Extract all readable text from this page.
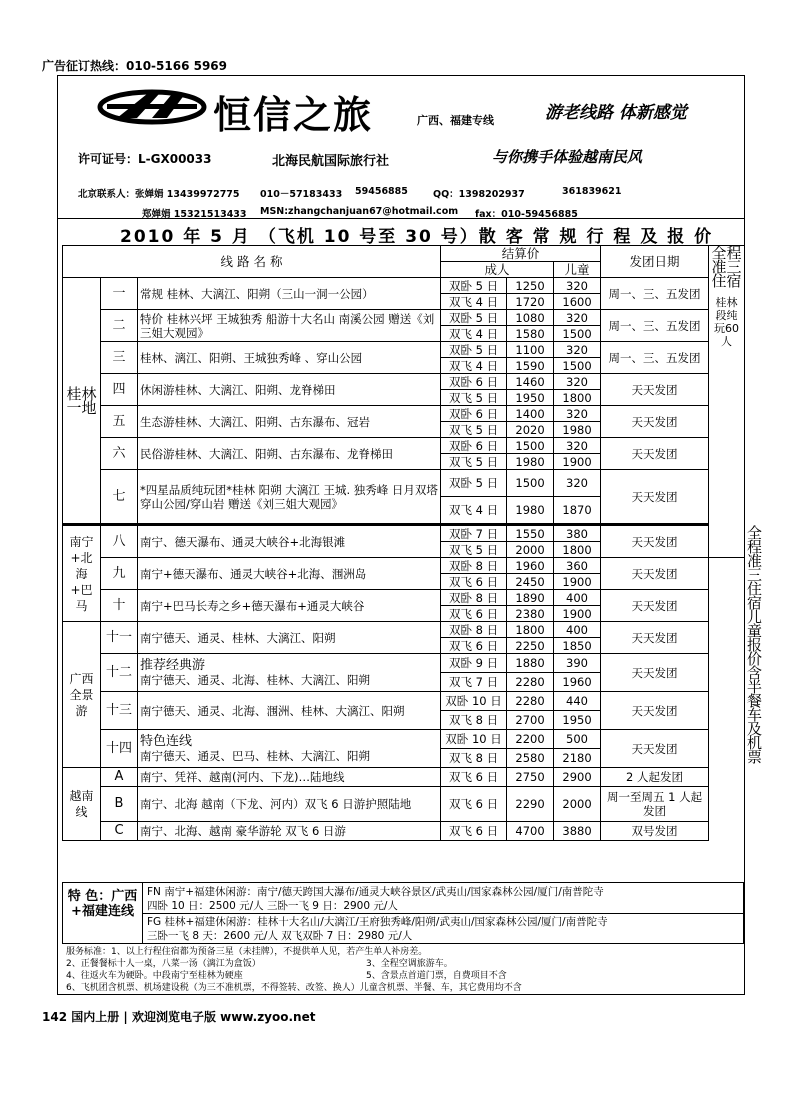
广告征订热线：010-5166 5969
恒信之旅	广西、福建专线	游老线路 体新感觉
许可证号：L-GX00033	北海民航国际旅行社	与你携手体验越南民风
北京联系人：张婵娟 13439972775 010－57183433 59456885	QQ：1398202937	361839621
郑婵娟 15321513433 MSN:zhangchanjuan67@hotmail.com fax：010-59456885
2010 年 5 月 （飞机 10 号至 30 号）散 客 常 规 行 程 及 报 价
线 路 名 称			结算价			发团日期	全程准三住宿
桂林段纯玩60人	

			成人		儿童			
桂林一地	一	常规 桂林、大漓江、阳朔（三山一洞一公园）	双卧 5 日	1250	320	周一、三、五发团		
			双飞 4 日	1720	1600			
	二	特价 桂林兴坪 王城独秀 船游十大名山 南溪公园 赠送《刘三姐大观园》	双卧 5 日	1080	320	周一、三、五发团		
			双飞 4 日	1580	1500			
	三	桂林、漓江、阳朔、王城独秀峰 、穿山公园	双卧 5 日	1100	320	周一、三、五发团		
			双飞 4 日	1590	1500			
	四	休闲游桂林、大漓江、阳朔、龙脊梯田	双卧 6 日	1460	320	天天发团		
			双飞 5 日	1950	1800			
	五	生态游桂林、大漓江、阳朔、古东瀑布、冠岩	双卧 6 日	1400	320	天天发团		
			双飞 5 日	2020	1980			
	六	民俗游桂林、大漓江、阳朔、古东瀑布、龙脊梯田	双卧 6 日	1500	320	天天发团		
			双飞 5 日	1980	1900			
	七	*四星品质纯玩团*桂林 阳朔 大漓江 王城. 独秀峰 日月双塔 穿山公园/穿山岩 赠送《刘三姐大观园》	双卧 5 日	1500	320	天天发团		
			双飞 4 日	1980	1870			
南宁+北海+巴马	八	南宁、德天瀑布、通灵大峡谷+北海银滩	双卧 7 日	1550	380	天天发团		全程准三住宿儿童报价含半餐车及机票
			双飞 5 日	2000	1800			
	九	南宁+德天瀑布、通灵大峡谷+北海、涠洲岛	双卧 8 日	1960	360	天天发团		
			双飞 6 日	2450	1900			
	十	南宁+巴马长寿之乡+德天瀑布+通灵大峡谷	双卧 8 日	1890	400	天天发团		
			双飞 6 日	2380	1900			
广西全景游	十一	南宁德天、通灵、桂林、大漓江、阳朔	双卧 8 日	1800	400	天天发团		
			双飞 6 日	2250	1850			
	十二	推荐经典游
南宁德天、通灵、北海、桂林、大漓江、阳朔	双卧 9 日	1880	390	天天发团		
			双飞 7 日	2280	1960			
	十三	南宁德天、通灵、北海、涠洲、桂林、大漓江、阳朔	双卧 10 日	2280	440	天天发团		
			双飞 8 日	2700	1950			
	十四	特色连线
南宁德天、通灵、巴马、桂林、大漓江、阳朔	双卧 10 日	2200	500	天天发团		
			双飞 8 日	2580	2180			
越南线	A	南宁、凭祥、越南(河内、下龙)…陆地线	双飞 6 日	2750	2900	2 人起发团		
	B	南宁、北海 越南（下龙、河内）双飞 6 日游护照陆地	双飞 6 日	2290	2000	周一至周五 1 人起发团		
	C	南宁、北海、越南 豪华游轮 双飞 6 日游	双飞 6 日	4700	3880	双号发团		
特 色：广西+福建连线
FN 南宁+福建休闲游：南宁/德天跨国大瀑布/通灵大峡谷景区/武夷山/国家森林公园/厦门/南普陀寺
四卧 10 日：2500 元/人 三卧一飞 9 日：2900 元/人
FG 桂林+福建休闲游：桂林十大名山/大漓江/王府独秀峰/阳朔/武夷山/国家森林公园/厦门/南普陀寺
三卧一飞 8 天：2600 元/人 双飞双卧 7 日：2980 元/人
服务标准：1、以上行程住宿都为预备三星（未挂牌），不提供单人见，若产生单人补房差。
2、正餐餐标十人一桌，八菜一汤（漓江为盒饭）	3、全程空调旅游车。
4、往返火车为硬卧。中段南宁至桂林为硬座	5、含景点首道门票，自费项目不含
6、飞机团含机票、机场建设税（为三不准机票，不得签转、改签、换人）儿童含机票、半餐、车，其它费用均不含
142 国内上册 | 欢迎浏览电子版 www.zyoo.net
